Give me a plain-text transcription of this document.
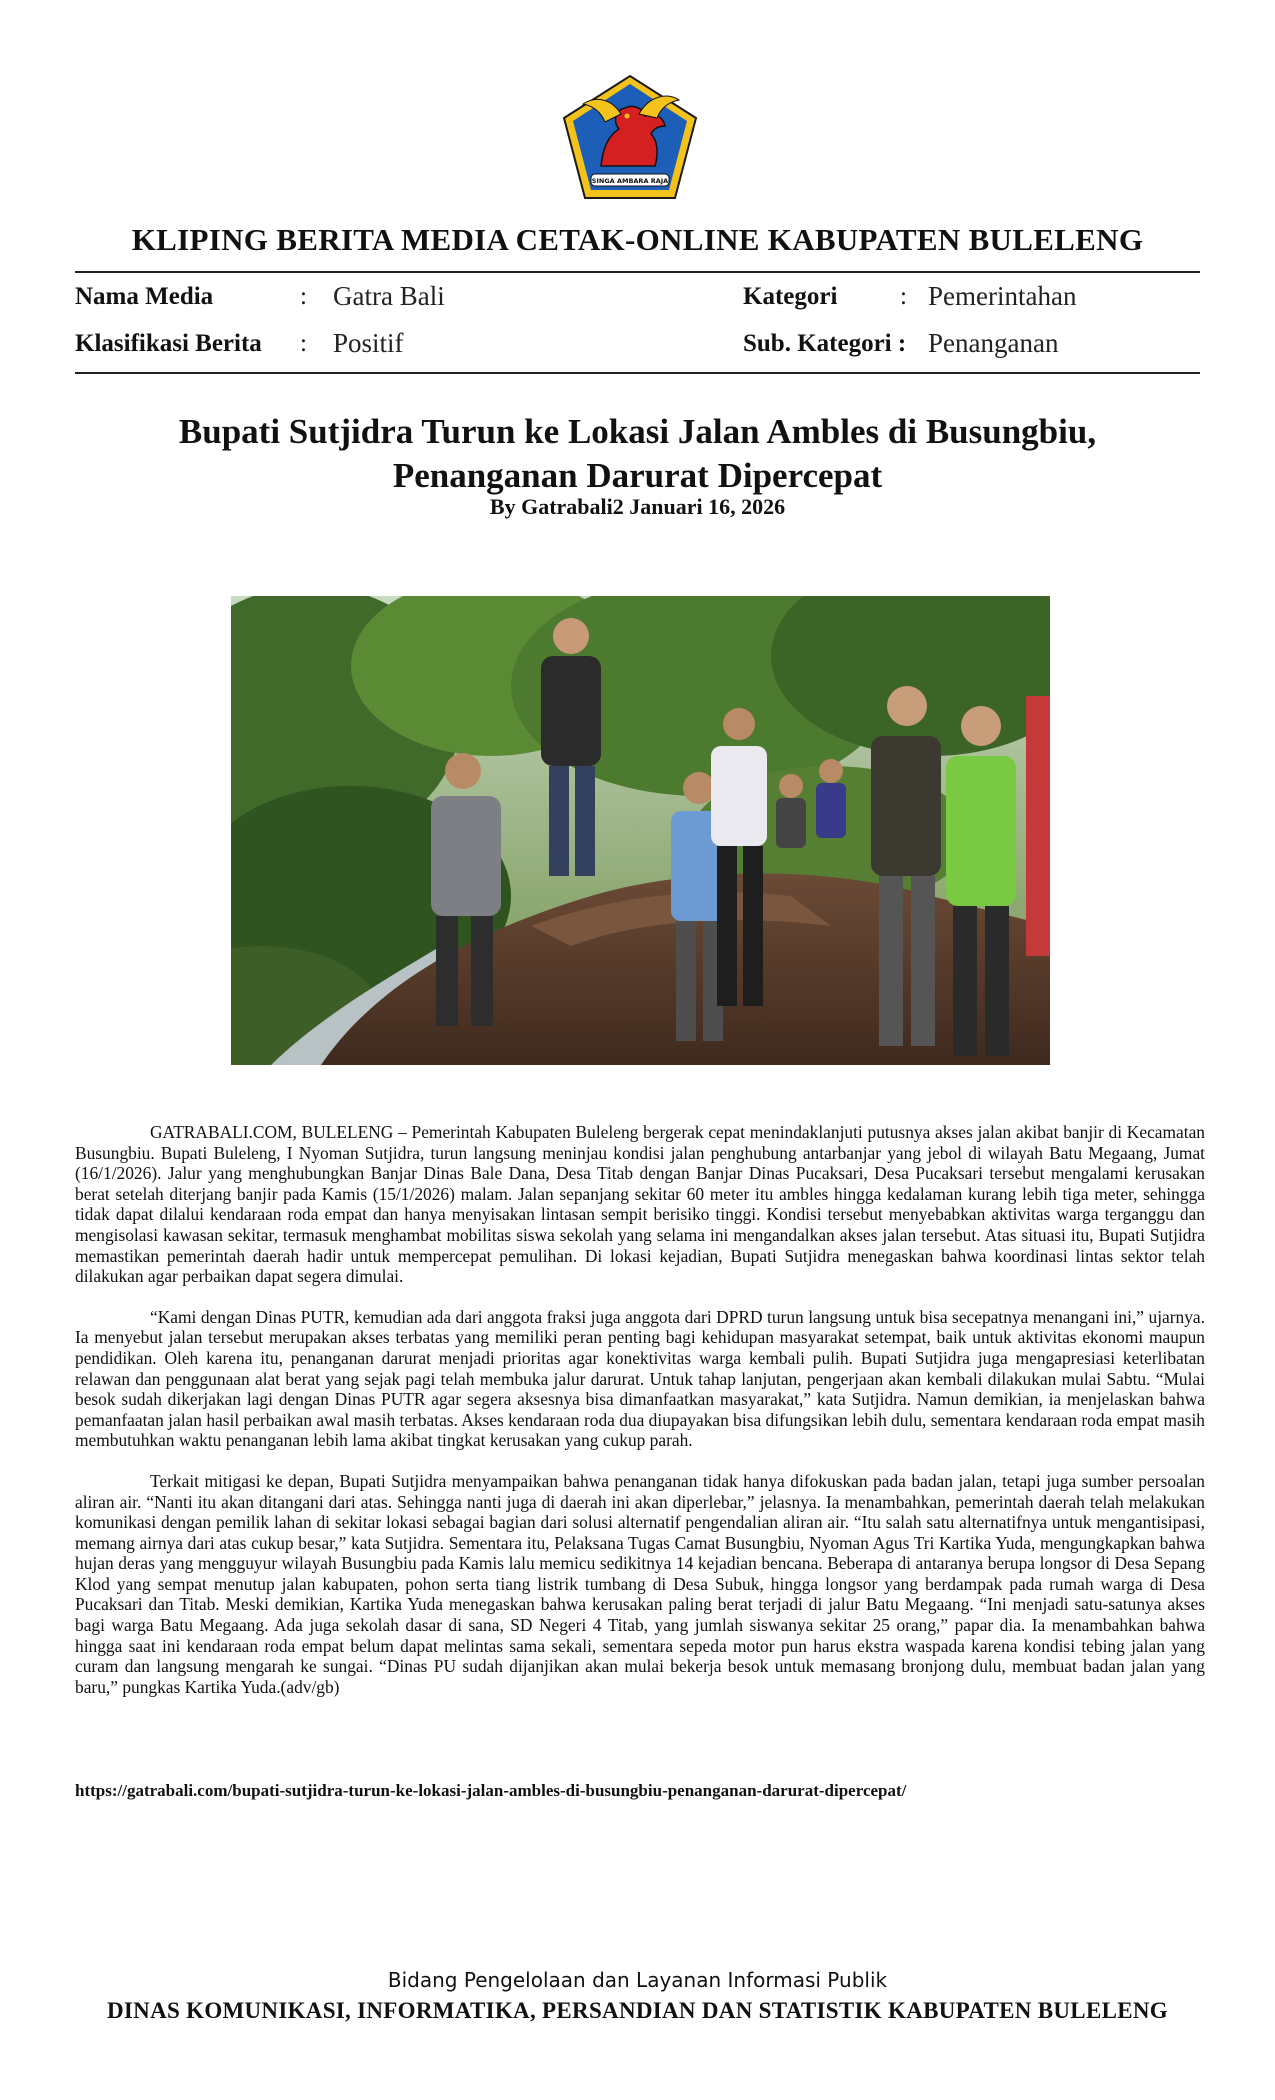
SINGA AMBARA RAJA
KLIPING BERITA MEDIA CETAK-ONLINE KABUPATEN BULELENG
Nama Media	: Gatra Bali
Klasifikasi Berita : Positif
Kategori	: Pemerintahan
Sub. Kategori : Penanganan
Bupati Sutjidra Turun ke Lokasi Jalan Ambles di Busungbiu,
Penanganan Darurat Dipercepat
By Gatrabali2 Januari 16, 2026

GATRABALI.COM, BULELENG – Pemerintah Kabupaten Buleleng bergerak cepat menindaklanjuti putusnya akses jalan akibat banjir di Kecamatan Busungbiu. Bupati Buleleng, I Nyoman Sutjidra, turun langsung meninjau kondisi jalan penghubung antarbanjar yang jebol di wilayah Batu Megaang, Jumat (16/1/2026). Jalur yang menghubungkan Banjar Dinas Bale Dana, Desa Titab dengan Banjar Dinas Pucaksari, Desa Pucaksari tersebut mengalami kerusakan berat setelah diterjang banjir pada Kamis (15/1/2026) malam. Jalan sepanjang sekitar 60 meter itu ambles hingga kedalaman kurang lebih tiga meter, sehingga tidak dapat dilalui kendaraan roda empat dan hanya menyisakan lintasan sempit berisiko tinggi. Kondisi tersebut menyebabkan aktivitas warga terganggu dan mengisolasi kawasan sekitar, termasuk menghambat mobilitas siswa sekolah yang selama ini mengandalkan akses jalan tersebut. Atas situasi itu, Bupati Sutjidra memastikan pemerintah daerah hadir untuk mempercepat pemulihan. Di lokasi kejadian, Bupati Sutjidra menegaskan bahwa koordinasi lintas sektor telah dilakukan agar perbaikan dapat segera dimulai.

“Kami dengan Dinas PUTR, kemudian ada dari anggota fraksi juga anggota dari DPRD turun langsung untuk bisa secepatnya menangani ini,” ujarnya. Ia menyebut jalan tersebut merupakan akses terbatas yang memiliki peran penting bagi kehidupan masyarakat setempat, baik untuk aktivitas ekonomi maupun pendidikan. Oleh karena itu, penanganan darurat menjadi prioritas agar konektivitas warga kembali pulih. Bupati Sutjidra juga mengapresiasi keterlibatan relawan dan penggunaan alat berat yang sejak pagi telah membuka jalur darurat. Untuk tahap lanjutan, pengerjaan akan kembali dilakukan mulai Sabtu. “Mulai besok sudah dikerjakan lagi dengan Dinas PUTR agar segera aksesnya bisa dimanfaatkan masyarakat,” kata Sutjidra. Namun demikian, ia menjelaskan bahwa pemanfaatan jalan hasil perbaikan awal masih terbatas. Akses kendaraan roda dua diupayakan bisa difungsikan lebih dulu, sementara kendaraan roda empat masih membutuhkan waktu penanganan lebih lama akibat tingkat kerusakan yang cukup parah.

Terkait mitigasi ke depan, Bupati Sutjidra menyampaikan bahwa penanganan tidak hanya difokuskan pada badan jalan, tetapi juga sumber persoalan aliran air. “Nanti itu akan ditangani dari atas. Sehingga nanti juga di daerah ini akan diperlebar,” jelasnya. Ia menambahkan, pemerintah daerah telah melakukan komunikasi dengan pemilik lahan di sekitar lokasi sebagai bagian dari solusi alternatif pengendalian aliran air. “Itu salah satu alternatifnya untuk mengantisipasi, memang airnya dari atas cukup besar,” kata Sutjidra. Sementara itu, Pelaksana Tugas Camat Busungbiu, Nyoman Agus Tri Kartika Yuda, mengungkapkan bahwa hujan deras yang mengguyur wilayah Busungbiu pada Kamis lalu memicu sedikitnya 14 kejadian bencana. Beberapa di antaranya berupa longsor di Desa Sepang Klod yang sempat menutup jalan kabupaten, pohon serta tiang listrik tumbang di Desa Subuk, hingga longsor yang berdampak pada rumah warga di Desa Pucaksari dan Titab. Meski demikian, Kartika Yuda menegaskan bahwa kerusakan paling berat terjadi di jalur Batu Megaang. “Ini menjadi satu-satunya akses bagi warga Batu Megaang. Ada juga sekolah dasar di sana, SD Negeri 4 Titab, yang jumlah siswanya sekitar 25 orang,” papar dia. Ia menambahkan bahwa hingga saat ini kendaraan roda empat belum dapat melintas sama sekali, sementara sepeda motor pun harus ekstra waspada karena kondisi tebing jalan yang curam dan langsung mengarah ke sungai. “Dinas PU sudah dijanjikan akan mulai bekerja besok untuk memasang bronjong dulu, membuat badan jalan yang baru,” pungkas Kartika Yuda.(adv/gb)

https://gatrabali.com/bupati-sutjidra-turun-ke-lokasi-jalan-ambles-di-busungbiu-penanganan-darurat-dipercepat/
Bidang Pengelolaan dan Layanan Informasi Publik
DINAS KOMUNIKASI, INFORMATIKA, PERSANDIAN DAN STATISTIK KABUPATEN BULELENG
